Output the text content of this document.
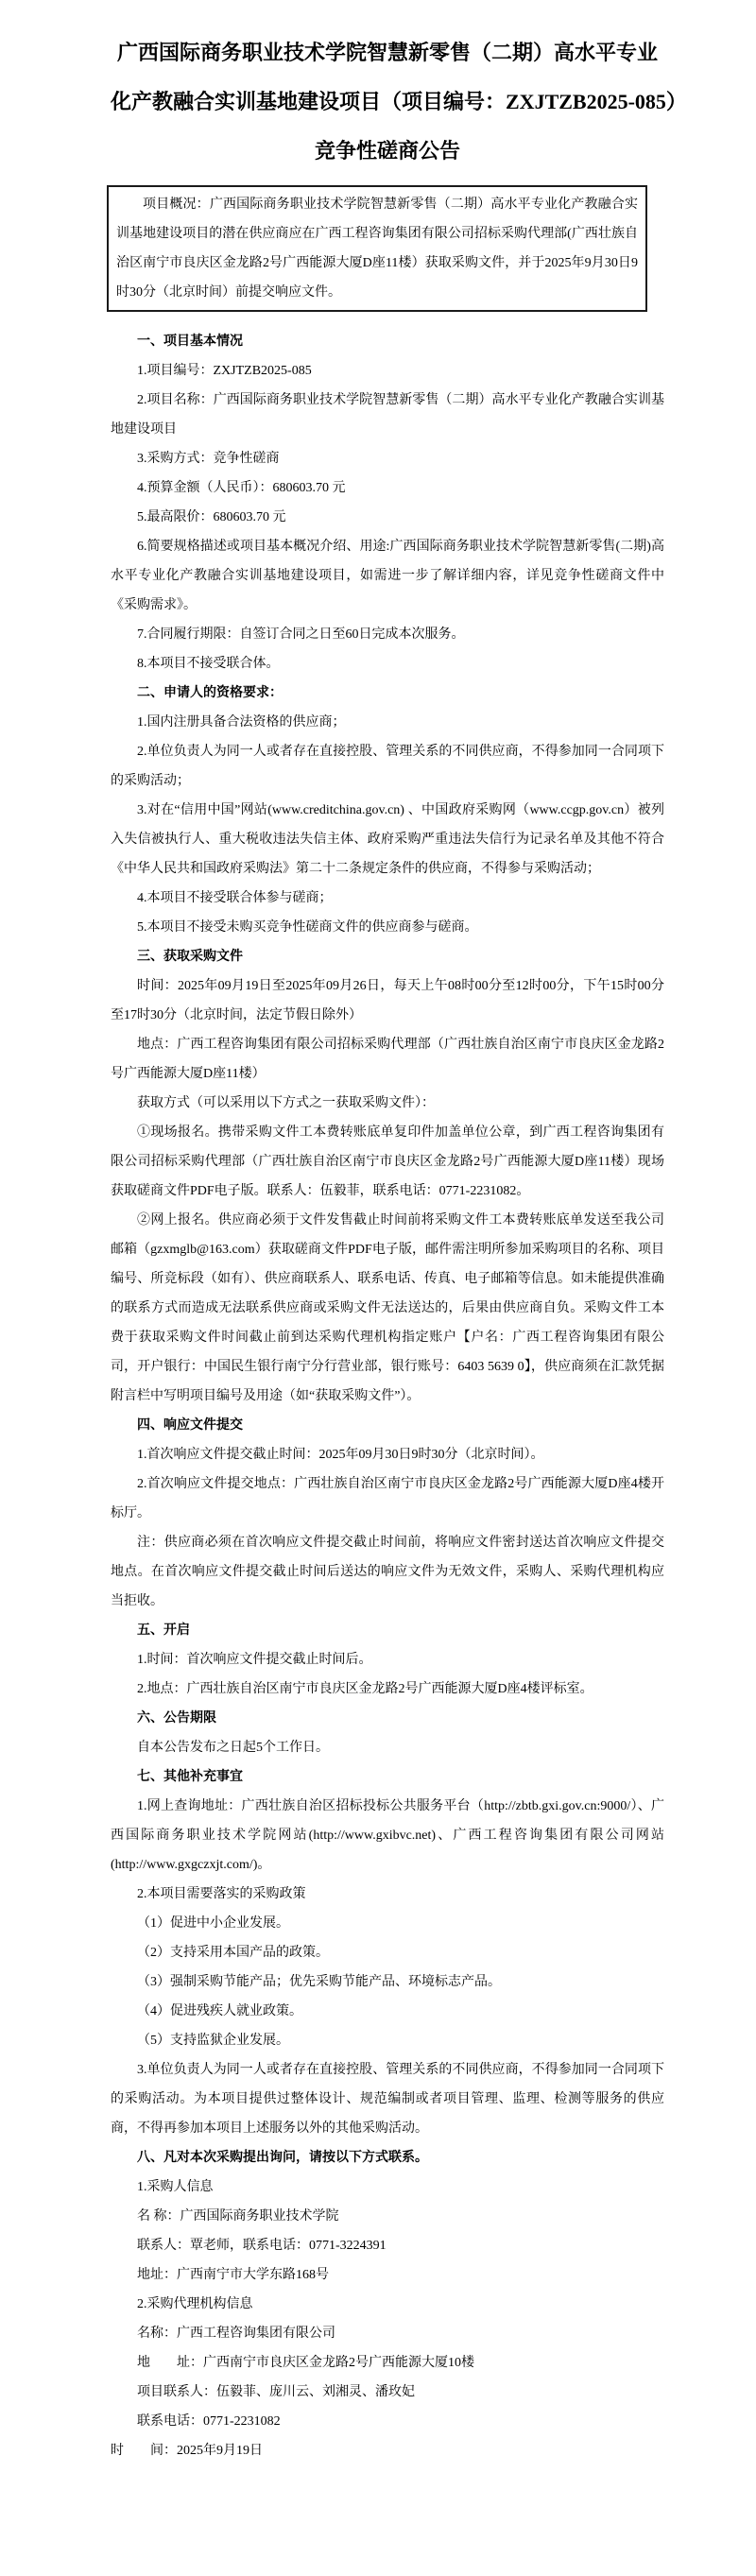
广西国际商务职业技术学院智慧新零售（二期）高水平专业
化产教融合实训基地建设项目（项目编号：ZXJTZB2025-085）
竞争性磋商公告

项目概况：广西国际商务职业技术学院智慧新零售（二期）高水平专业化产教融合实训基地建设项目的潜在供应商应在广西工程咨询集团有限公司招标采购代理部(广西壮族自治区南宁市良庆区金龙路2号广西能源大厦D座11楼）获取采购文件，并于2025年9月30日9时30分（北京时间）前提交响应文件。

一、项目基本情况

1.项目编号：ZXJTZB2025-085

2.项目名称：广西国际商务职业技术学院智慧新零售（二期）高水平专业化产教融合实训基地建设项目

3.采购方式：竞争性磋商

4.预算金额（人民币）：680603.70 元

5.最高限价：680603.70 元

6.简要规格描述或项目基本概况介绍、用途:广西国际商务职业技术学院智慧新零售(二期)高水平专业化产教融合实训基地建设项目，如需进一步了解详细内容，详见竞争性磋商文件中《采购需求》。

7.合同履行期限：自签订合同之日至60日完成本次服务。

8.本项目不接受联合体。

二、申请人的资格要求：

1.国内注册具备合法资格的供应商；

2.单位负责人为同一人或者存在直接控股、管理关系的不同供应商，不得参加同一合同项下的采购活动；

3.对在“信用中国”网站(www.creditchina.gov.cn) 、中国政府采购网（www.ccgp.gov.cn）被列入失信被执行人、重大税收违法失信主体、政府采购严重违法失信行为记录名单及其他不符合《中华人民共和国政府采购法》第二十二条规定条件的供应商，不得参与采购活动；

4.本项目不接受联合体参与磋商；

5.本项目不接受未购买竞争性磋商文件的供应商参与磋商。

三、获取采购文件

时间：2025年09月19日至2025年09月26日，每天上午08时00分至12时00分，下午15时00分至17时30分（北京时间，法定节假日除外）

地点：广西工程咨询集团有限公司招标采购代理部（广西壮族自治区南宁市良庆区金龙路2号广西能源大厦D座11楼）

获取方式（可以采用以下方式之一获取采购文件）：

①现场报名。携带采购文件工本费转账底单复印件加盖单位公章，到广西工程咨询集团有限公司招标采购代理部（广西壮族自治区南宁市良庆区金龙路2号广西能源大厦D座11楼）现场获取磋商文件PDF电子版。联系人：伍毅菲，联系电话：0771-2231082。

②网上报名。供应商必须于文件发售截止时间前将采购文件工本费转账底单发送至我公司邮箱（gzxmglb@163.com）获取磋商文件PDF电子版，邮件需注明所参加采购项目的名称、项目编号、所竞标段（如有）、供应商联系人、联系电话、传真、电子邮箱等信息。如未能提供准确的联系方式而造成无法联系供应商或采购文件无法送达的，后果由供应商自负。采购文件工本费于获取采购文件时间截止前到达采购代理机构指定账户【户名：广西工程咨询集团有限公司，开户银行：中国民生银行南宁分行营业部，银行账号：6403 5639 0】，供应商须在汇款凭据附言栏中写明项目编号及用途（如“获取采购文件”）。

四、响应文件提交

1.首次响应文件提交截止时间：2025年09月30日9时30分（北京时间）。

2.首次响应文件提交地点：广西壮族自治区南宁市良庆区金龙路2号广西能源大厦D座4楼开标厅。

注：供应商必须在首次响应文件提交截止时间前，将响应文件密封送达首次响应文件提交地点。在首次响应文件提交截止时间后送达的响应文件为无效文件，采购人、采购代理机构应当拒收。

五、开启

1.时间：首次响应文件提交截止时间后。

2.地点：广西壮族自治区南宁市良庆区金龙路2号广西能源大厦D座4楼评标室。

六、公告期限

自本公告发布之日起5个工作日。

七、其他补充事宜

1.网上查询地址：广西壮族自治区招标投标公共服务平台（http://zbtb.gxi.gov.cn:9000/）、广西国际商务职业技术学院网站(http://www.gxibvc.net)、广西工程咨询集团有限公司网站(http://www.gxgczxjt.com/)。

2.本项目需要落实的采购政策

（1）促进中小企业发展。

（2）支持采用本国产品的政策。

（3）强制采购节能产品；优先采购节能产品、环境标志产品。

（4）促进残疾人就业政策。

（5）支持监狱企业发展。

3.单位负责人为同一人或者存在直接控股、管理关系的不同供应商，不得参加同一合同项下的采购活动。为本项目提供过整体设计、规范编制或者项目管理、监理、检测等服务的供应商，不得再参加本项目上述服务以外的其他采购活动。

八、凡对本次采购提出询问，请按以下方式联系。

1.采购人信息

名 称：广西国际商务职业技术学院

联系人：覃老师，联系电话：0771-3224391

地址：广西南宁市大学东路168号

2.采购代理机构信息

名称：广西工程咨询集团有限公司

地　　址：广西南宁市良庆区金龙路2号广西能源大厦10楼

项目联系人：伍毅菲、庞川云、刘湘灵、潘玫妃

联系电话：0771-2231082

时　　间：2025年9月19日
